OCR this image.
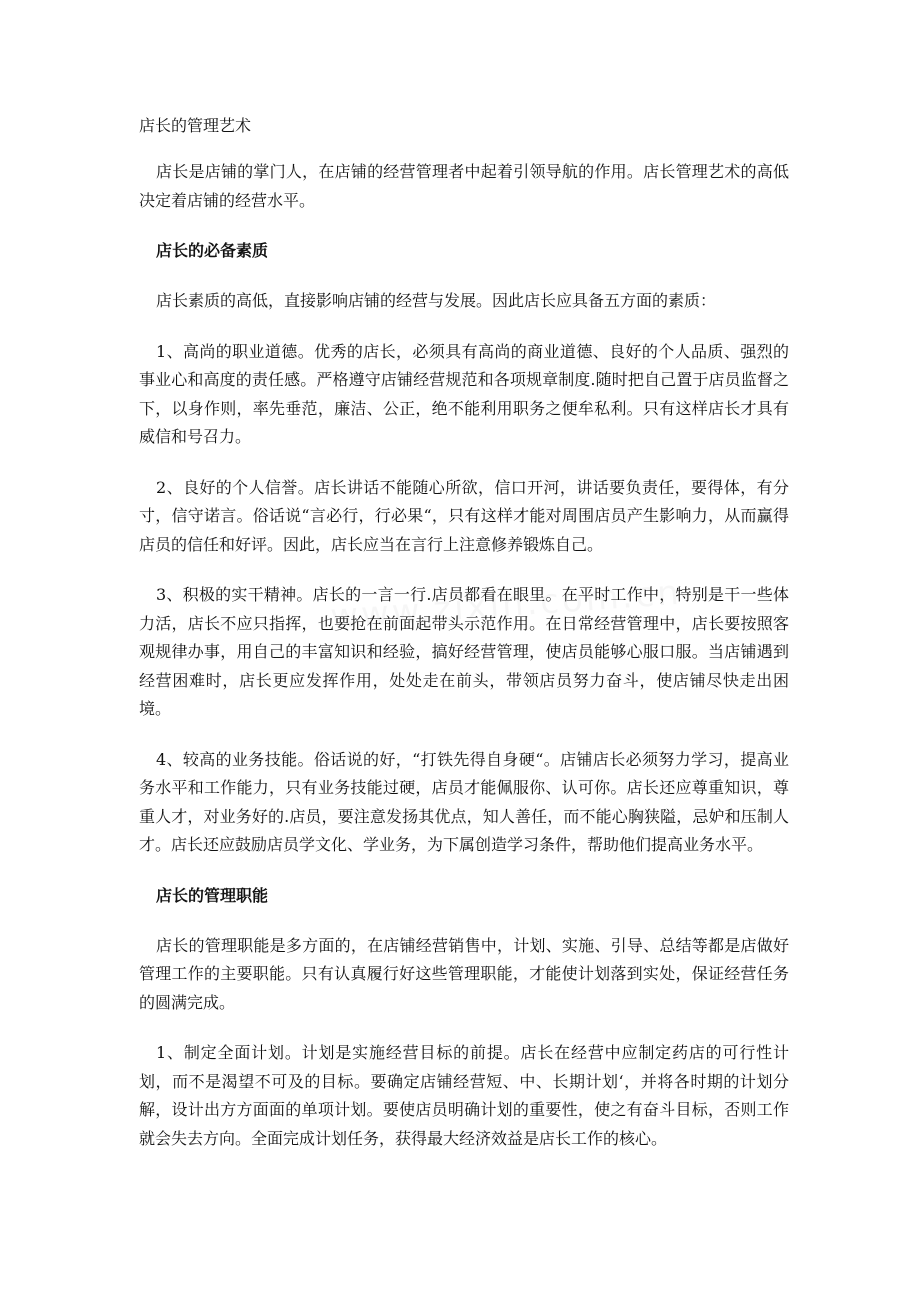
店长的管理艺术

店长是店铺的掌门人，在店铺的经营管理者中起着引领导航的作用。店长管理艺术的高低决定着店铺的经营水平。

店长的必备素质

店长素质的高低，直接影响店铺的经营与发展。因此店长应具备五方面的素质：

1、高尚的职业道德。优秀的店长，必须具有高尚的商业道德、良好的个人品质、强烈的事业心和高度的责任感。严格遵守店铺经营规范和各项规章制度.随时把自己置于店员监督之下，以身作则，率先垂范，廉洁、公正，绝不能利用职务之便牟私利。只有这样店长才具有威信和号召力。

2、良好的个人信誉。店长讲话不能随心所欲，信口开河，讲话要负责任，要得体，有分寸，信守诺言。俗话说“言必行，行必果“，只有这样才能对周围店员产生影响力，从而赢得店员的信任和好评。因此，店长应当在言行上注意修养锻炼自己。

3、积极的实干精神。店长的一言一行.店员都看在眼里。在平时工作中，特别是干一些体力活，店长不应只指挥，也要抢在前面起带头示范作用。在日常经营管理中，店长要按照客观规律办事，用自己的丰富知识和经验，搞好经营管理，使店员能够心服口服。当店铺遇到经营困难时，店长更应发挥作用，处处走在前头，带领店员努力奋斗，使店铺尽快走出困境。

4、较高的业务技能。俗话说的好，“打铁先得自身硬“。店铺店长必须努力学习，提高业务水平和工作能力，只有业务技能过硬，店员才能佩服你、认可你。店长还应尊重知识，尊重人才，对业务好的.店员，要注意发扬其优点，知人善任，而不能心胸狭隘，忌妒和压制人才。店长还应鼓励店员学文化、学业务，为下属创造学习条件，帮助他们提高业务水平。

店长的管理职能

店长的管理职能是多方面的，在店铺经营销售中，计划、实施、引导、总结等都是店做好管理工作的主要职能。只有认真履行好这些管理职能，才能使计划落到实处，保证经营任务的圆满完成。

1、制定全面计划。计划是实施经营目标的前提。店长在经营中应制定药店的可行性计划，而不是渴望不可及的目标。要确定店铺经营短、中、长期计划‘，并将各时期的计划分解，设计出方方面面的单项计划。要使店员明确计划的重要性，使之有奋斗目标，否则工作就会失去方向。全面完成计划任务，获得最大经济效益是店长工作的核心。
